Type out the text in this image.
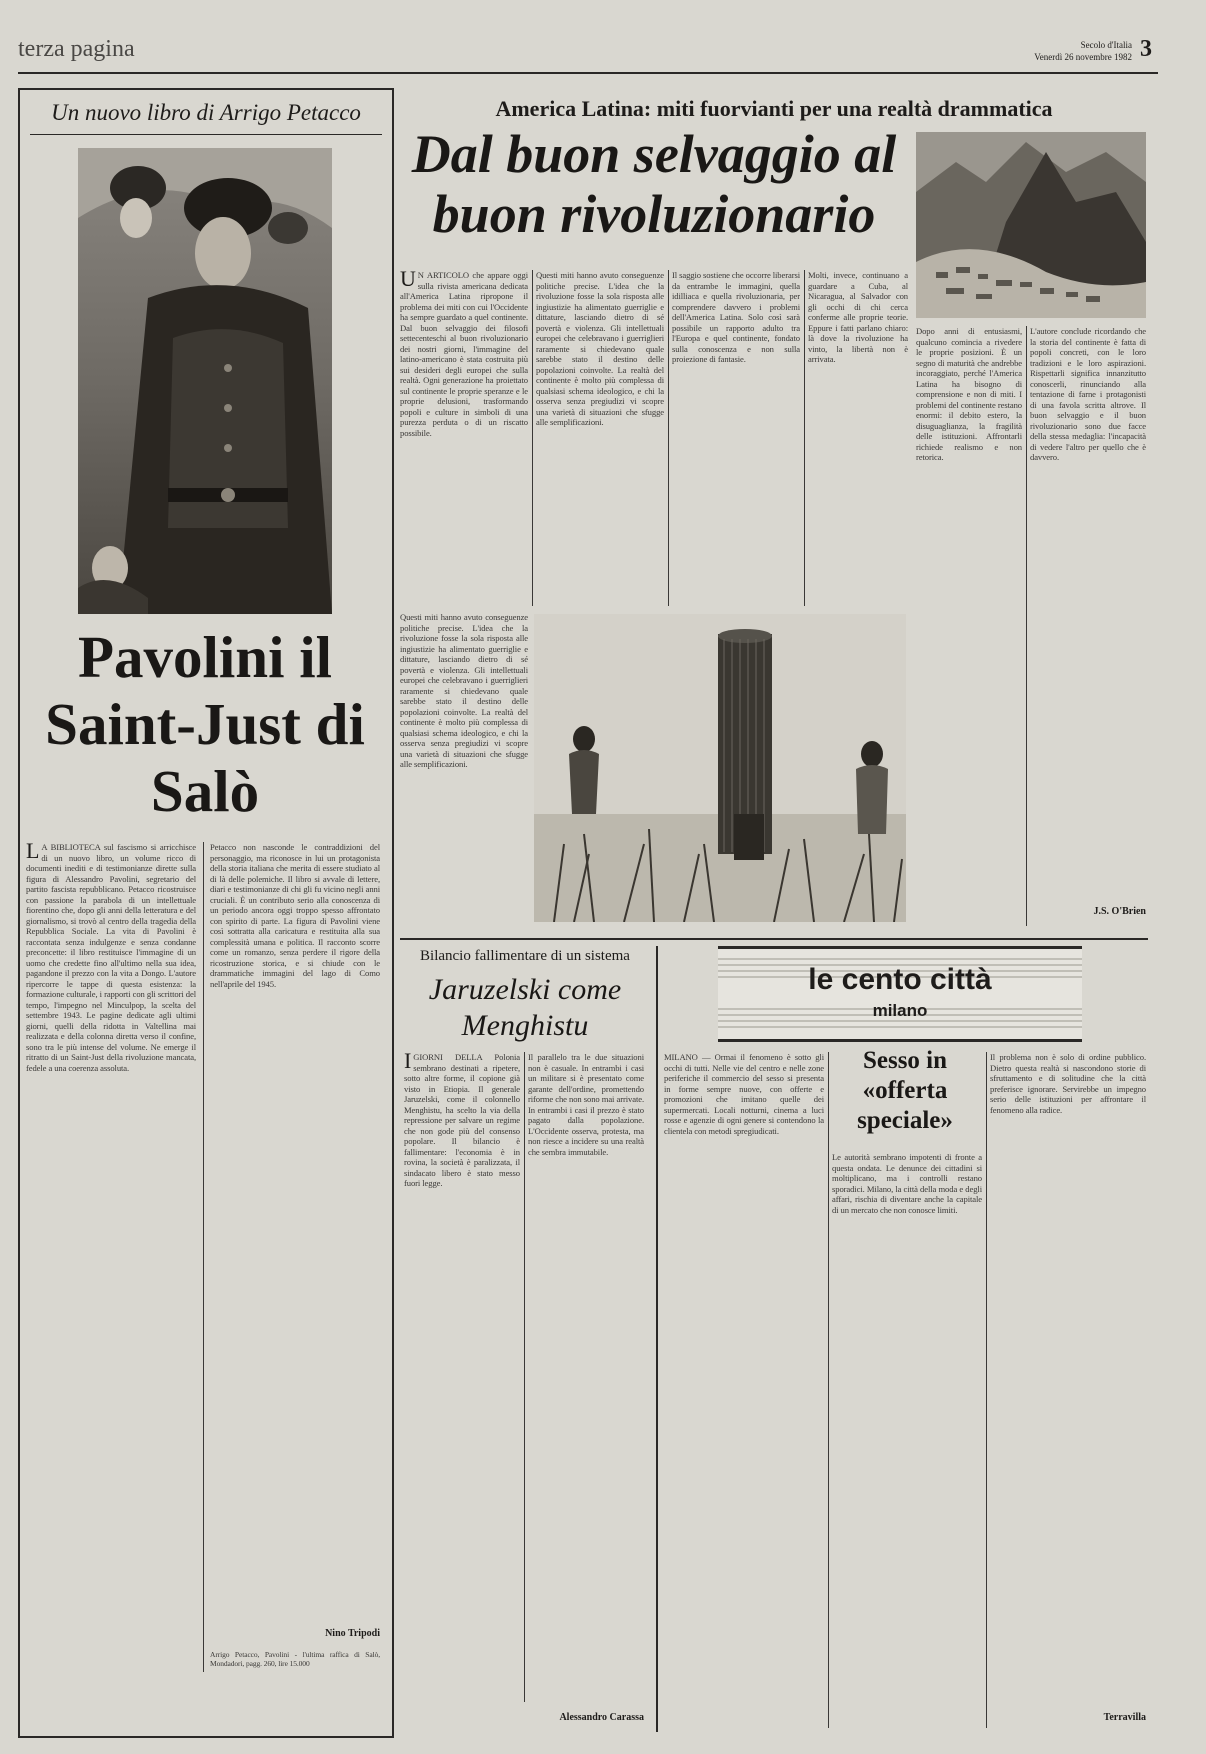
terza pagina	Secolo d'Italia
Venerdì 26 novembre 1982 3
Un nuovo libro di Arrigo Petacco
Pavolini il Saint-Just di Salò
LA BIBLIOTECA sul fascismo si arricchisce di un nuovo libro, un volume ricco di documenti inediti e di testimonianze dirette sulla figura di Alessandro Pavolini, segretario del partito fascista repubblicano. Petacco ricostruisce con passione la parabola di un intellettuale fiorentino che, dopo gli anni della letteratura e del giornalismo, si trovò al centro della tragedia della Repubblica Sociale. La vita di Pavolini è raccontata senza indulgenze e senza condanne preconcette: il libro restituisce l'immagine di un uomo che credette fino all'ultimo nella sua idea, pagandone il prezzo con la vita a Dongo. L'autore ripercorre le tappe di questa esistenza: la formazione culturale, i rapporti con gli scrittori del tempo, l'impegno nel Minculpop, la scelta del settembre 1943. Le pagine dedicate agli ultimi giorni, quelli della ridotta in Valtellina mai realizzata e della colonna diretta verso il confine, sono tra le più intense del volume. Ne emerge il ritratto di un Saint-Just della rivoluzione mancata, fedele a una coerenza assoluta.
Petacco non nasconde le contraddizioni del personaggio, ma riconosce in lui un protagonista della storia italiana che merita di essere studiato al di là delle polemiche. Il libro si avvale di lettere, diari e testimonianze di chi gli fu vicino negli anni cruciali. È un contributo serio alla conoscenza di un periodo ancora oggi troppo spesso affrontato con spirito di parte. La figura di Pavolini viene così sottratta alla caricatura e restituita alla sua complessità umana e politica. Il racconto scorre come un romanzo, senza perdere il rigore della ricostruzione storica, e si chiude con le drammatiche immagini del lago di Como nell'aprile del 1945.
Nino Tripodi
Arrigo Petacco, Pavolini - l'ultima raffica di Salò, Mondadori, pagg. 260, lire 15.000
America Latina: miti fuorvianti per una realtà drammatica
Dal buon selvaggio al buon rivoluzionario
UN ARTICOLO che appare oggi sulla rivista americana dedicata all'America Latina ripropone il problema dei miti con cui l'Occidente ha sempre guardato a quel continente. Dal buon selvaggio dei filosofi settecenteschi al buon rivoluzionario dei nostri giorni, l'immagine del latino-americano è stata costruita più sui desideri degli europei che sulla realtà. Ogni generazione ha proiettato sul continente le proprie speranze e le proprie delusioni, trasformando popoli e culture in simboli di una purezza perduta o di un riscatto possibile.
Questi miti hanno avuto conseguenze politiche precise. L'idea che la rivoluzione fosse la sola risposta alle ingiustizie ha alimentato guerriglie e dittature, lasciando dietro di sé povertà e violenza. Gli intellettuali europei che celebravano i guerriglieri raramente si chiedevano quale sarebbe stato il destino delle popolazioni coinvolte. La realtà del continente è molto più complessa di qualsiasi schema ideologico, e chi la osserva senza pregiudizi vi scopre una varietà di situazioni che sfugge alle semplificazioni.
Il saggio sostiene che occorre liberarsi da entrambe le immagini, quella idilliaca e quella rivoluzionaria, per comprendere davvero i problemi dell'America Latina. Solo così sarà possibile un rapporto adulto tra l'Europa e quel continente, fondato sulla conoscenza e non sulla proiezione di fantasie.
Molti, invece, continuano a guardare a Cuba, al Nicaragua, al Salvador con gli occhi di chi cerca conferme alle proprie teorie. Eppure i fatti parlano chiaro: là dove la rivoluzione ha vinto, la libertà non è arrivata.
Questi miti hanno avuto conseguenze politiche precise. L'idea che la rivoluzione fosse la sola risposta alle ingiustizie ha alimentato guerriglie e dittature, lasciando dietro di sé povertà e violenza. Gli intellettuali europei che celebravano i guerriglieri raramente si chiedevano quale sarebbe stato il destino delle popolazioni coinvolte. La realtà del continente è molto più complessa di qualsiasi schema ideologico, e chi la osserva senza pregiudizi vi scopre una varietà di situazioni che sfugge alle semplificazioni.
Dopo anni di entusiasmi, qualcuno comincia a rivedere le proprie posizioni. È un segno di maturità che andrebbe incoraggiato, perché l'America Latina ha bisogno di comprensione e non di miti. I problemi del continente restano enormi: il debito estero, la disuguaglianza, la fragilità delle istituzioni. Affrontarli richiede realismo e non retorica.
L'autore conclude ricordando che la storia del continente è fatta di popoli concreti, con le loro tradizioni e le loro aspirazioni. Rispettarli significa innanzitutto conoscerli, rinunciando alla tentazione di farne i protagonisti di una favola scritta altrove. Il buon selvaggio e il buon rivoluzionario sono due facce della stessa medaglia: l'incapacità di vedere l'altro per quello che è davvero.
J.S. O'Brien
Bilancio fallimentare di un sistema
Jaruzelski come Menghistu
IGIORNI DELLA Polonia sembrano destinati a ripetere, sotto altre forme, il copione già visto in Etiopia. Il generale Jaruzelski, come il colonnello Menghistu, ha scelto la via della repressione per salvare un regime che non gode più del consenso popolare. Il bilancio è fallimentare: l'economia è in rovina, la società è paralizzata, il sindacato libero è stato messo fuori legge.
Il parallelo tra le due situazioni non è casuale. In entrambi i casi un militare si è presentato come garante dell'ordine, promettendo riforme che non sono mai arrivate. In entrambi i casi il prezzo è stato pagato dalla popolazione. L'Occidente osserva, protesta, ma non riesce a incidere su una realtà che sembra immutabile.
Alessandro Carassa
le cento città
milano
Sesso in «offerta speciale»
MILANO — Ormai il fenomeno è sotto gli occhi di tutti. Nelle vie del centro e nelle zone periferiche il commercio del sesso si presenta in forme sempre nuove, con offerte e promozioni che imitano quelle dei supermercati. Locali notturni, cinema a luci rosse e agenzie di ogni genere si contendono la clientela con metodi spregiudicati.
Le autorità sembrano impotenti di fronte a questa ondata. Le denunce dei cittadini si moltiplicano, ma i controlli restano sporadici. Milano, la città della moda e degli affari, rischia di diventare anche la capitale di un mercato che non conosce limiti.
Il problema non è solo di ordine pubblico. Dietro questa realtà si nascondono storie di sfruttamento e di solitudine che la città preferisce ignorare. Servirebbe un impegno serio delle istituzioni per affrontare il fenomeno alla radice.
Terravilla
